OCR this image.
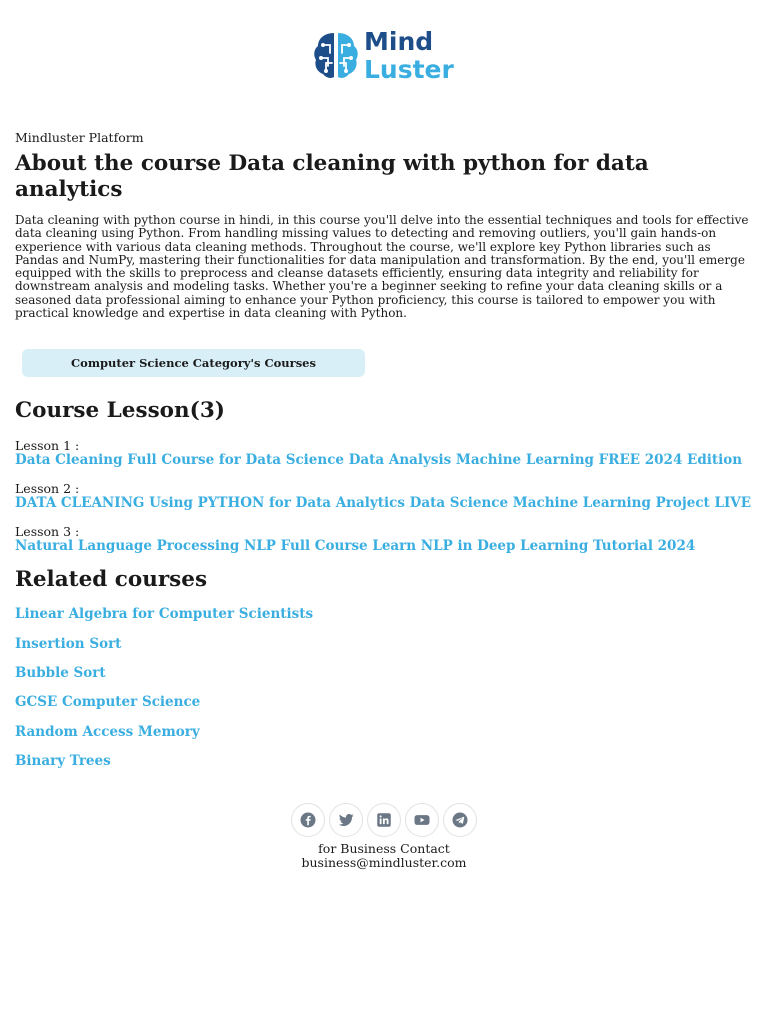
Mind
Luster

Mindluster Platform

About the course Data cleaning with python for data analytics

Data cleaning with python course in hindi, in this course you'll delve into the essential techniques and tools for effective data cleaning using Python. From handling missing values to detecting and removing outliers, you'll gain hands-on experience with various data cleaning methods. Throughout the course, we'll explore key Python libraries such as Pandas and NumPy, mastering their functionalities for data manipulation and transformation. By the end, you'll emerge equipped with the skills to preprocess and cleanse datasets efficiently, ensuring data integrity and reliability for downstream analysis and modeling tasks. Whether you're a beginner seeking to refine your data cleaning skills or a seasoned data professional aiming to enhance your Python proficiency, this course is tailored to empower you with practical knowledge and expertise in data cleaning with Python.

Computer Science Category's Courses
Course Lesson(3)
Lesson 1 :
Data Cleaning Full Course for Data Science Data Analysis Machine Learning FREE 2024 Edition
Lesson 2 :
DATA CLEANING Using PYTHON for Data Analytics Data Science Machine Learning Project LIVE
Lesson 3 :
Natural Language Processing NLP Full Course Learn NLP in Deep Learning Tutorial 2024
Related courses
Linear Algebra for Computer Scientists
Insertion Sort
Bubble Sort
GCSE Computer Science
Random Access Memory
Binary Trees
for Business Contact
business@mindluster.com
